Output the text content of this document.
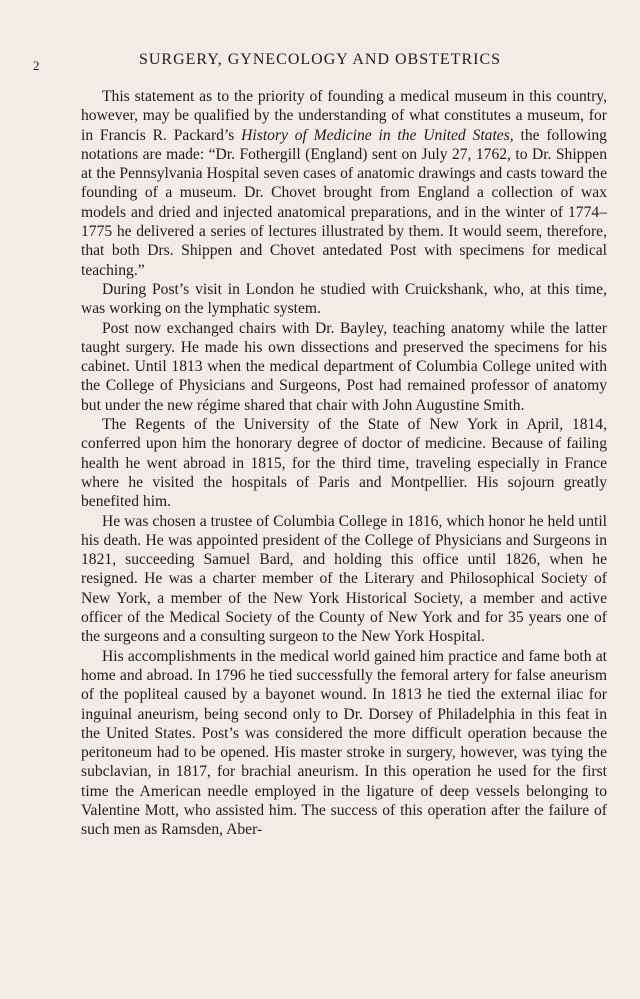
2	SURGERY, GYNECOLOGY AND OBSTETRICS

This statement as to the priority of founding a medical museum in this country, however, may be qualified by the understanding of what constitutes a museum, for in Francis R. Packard’s History of Medicine in the United States, the following notations are made: “Dr. Fothergill (England) sent on July 27, 1762, to Dr. Shippen at the Pennsylvania Hospital seven cases of anatomic drawings and casts toward the founding of a museum. Dr. Chovet brought from England a collection of wax models and dried and injected anatomical preparations, and in the winter of 1774–1775 he delivered a series of lectures illustrated by them. It would seem, therefore, that both Drs. Shippen and Chovet antedated Post with specimens for medical teaching.”

During Post’s visit in London he studied with Cruickshank, who, at this time, was working on the lymphatic system.

Post now exchanged chairs with Dr. Bayley, teaching anatomy while the latter taught surgery. He made his own dissections and preserved the specimens for his cabinet. Until 1813 when the medical department of Columbia College united with the College of Physicians and Surgeons, Post had remained professor of anatomy but under the new régime shared that chair with John Augustine Smith.

The Regents of the University of the State of New York in April, 1814, conferred upon him the honorary degree of doctor of medicine. Because of failing health he went abroad in 1815, for the third time, traveling especially in France where he visited the hospitals of Paris and Montpellier. His sojourn greatly benefited him.

He was chosen a trustee of Columbia College in 1816, which honor he held until his death. He was appointed president of the College of Physicians and Surgeons in 1821, succeeding Samuel Bard, and holding this office until 1826, when he resigned. He was a charter member of the Literary and Philosophical Society of New York, a member of the New York Historical Society, a member and active officer of the Medical Society of the County of New York and for 35 years one of the surgeons and a consulting surgeon to the New York Hospital.

His accomplishments in the medical world gained him practice and fame both at home and abroad. In 1796 he tied successfully the femoral artery for false aneurism of the popliteal caused by a bayonet wound. In 1813 he tied the external iliac for inguinal aneurism, being second only to Dr. Dorsey of Philadelphia in this feat in the United States. Post’s was considered the more difficult operation because the peritoneum had to be opened. His master stroke in surgery, however, was tying the subclavian, in 1817, for brachial aneurism. In this operation he used for the first time the American needle employed in the ligature of deep vessels belonging to Valentine Mott, who assisted him. The success of this operation after the failure of such men as Ramsden, Aber-
